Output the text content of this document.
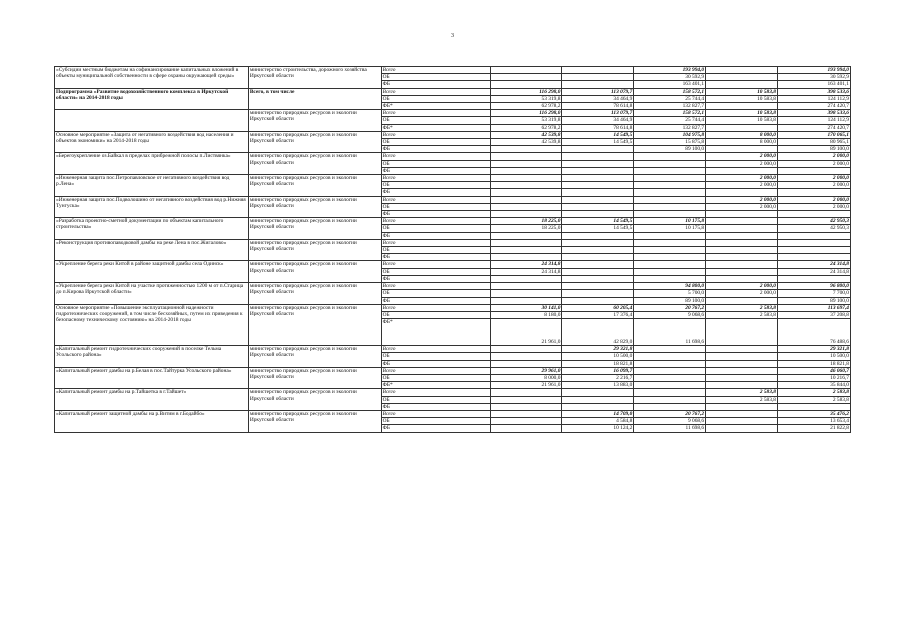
3
«Субсидии местным бюджетам на софинансирование капитальных вложений в объекты муниципальной собственности в сфере охраны окружающей среды»	министерство строительства, дорожного хозяйства Иркутской области	Всего			193 994,0		193 994,0
		ОБ			30 592,9		30 592,9
		ФБ			163 401,1		163 401,1
Подпрограмма «Развитие водохозяйственного комплекса в Иркутской области» на 2014-2018 годы	Всего, в том числе	Всего	116 298,0	113 079,7	158 572,1	10 583,8	398 533,6
		ОБ	53 319,8	34 464,9	25 744,4	10 583,8	124 112,9
		ФБ*	62 978,2	78 614,8	132 827,7		274 420,7
	министерство природных ресурсов и экологии Иркутской области	Всего	116 298,0	113 079,7	158 572,1	10 583,8	398 533,6
		ОБ	53 319,8	34 464,9	25 744,4	10 583,8	124 112,9
		ФБ*	62 978,2	78 614,8	132 827,7		274 420,7
Основное мероприятие «Защита от негативного воздействия вод населения и объектов экономики» на 2014-2018 годы	министерство природных ресурсов и экологии Иркутской области	Всего	42 539,8	14 549,5	104 975,8	8 000,0	170 065,1
		ОБ	42 539,8	14 549,5	15 875,8	8 000,0	80 965,1
		ФБ			89 100,0		89 100,0
«Берегоукрепление оз.Байкал в пределах прибрежной полосы п.Листвянка»	министерство природных ресурсов и экологии Иркутской области	Всего				2 000,0	2 000,0
		ОБ				2 000,0	2 000,0
		ФБ					
«Инженерная защита пос.Петропавловское от негативного воздействия вод р.Лена»	министерство природных ресурсов и экологии Иркутской области	Всего				2 000,0	2 000,0
		ОБ				2 000,0	2 000,0
		ФБ					
«Инженерная защита пос.Подволошино от негативного воздействия вод р.Нижняя Тунгуска»	министерство природных ресурсов и экологии Иркутской области	Всего				2 000,0	2 000,0
		ОБ				2 000,0	2 000,0
		ФБ					
«Разработка проектно-сметной документации по объектам капитального строительства»	министерство природных ресурсов и экологии Иркутской области	Всего	18 225,0	14 549,5	10 175,8		42 950,3
		ОБ	18 225,0	14 549,5	10 175,8		42 950,3
		ФБ					
«Реконструкция противопаводковой дамбы на реке Лена в пос.Жигалово»	министерство природных ресурсов и экологии Иркутской области	Всего					
		ОБ					
		ФБ					
«Укрепление берега реки Китой в районе защитной дамбы села Одинск»	министерство природных ресурсов и экологии Иркутской области	Всего	24 314,8				24 314,8
		ОБ	24 314,8				24 314,8
		ФБ					
«Укрепление берега реки Китой на участке протяженностью 1200 м от п.Старица до п.Кирова Иркутской области»	министерство природных ресурсов и экологии Иркутской области	Всего			94 800,0	2 000,0	96 800,0
		ОБ			5 700,0	2 000,0	7 700,0
		ФБ			89 100,0		89 100,0
Основное мероприятие «Повышение эксплуатационной надежности гидротехнических сооружений, в том числе бесхозяйных, путем их приведения к безопасному техническому состоянию» на 2014-2018 годы	министерство природных ресурсов и экологии Иркутской области	Всего	30 141,0	60 205,4	20 767,2	2 583,8	113 697,4
		ОБ	8 180,0	17 376,4	9 068,6	2 583,8	37 208,8
		ФБ*	21 961,0	42 829,0	11 698,6		76 488,6
«Капитальный ремонт гидротехнических сооружений в поселке Тельма Усольского района»	министерство природных ресурсов и экологии Иркутской области	Всего		29 321,8			29 321,8
		ОБ		10 500,0			10 500,0
		ФБ		18 821,8			18 821,8
«Капитальный ремонт дамбы на р.Белая в пос.Тайтурка Усольского района»	министерство природных ресурсов и экологии Иркутской области	Всего	29 961,0	16 099,7			46 060,7
		ОБ	8 000,0	2 216,7			10 216,7
		ФБ*	21 961,0	13 883,0			35 844,0
«Капитальный ремонт дамбы на р.Тайшетка в г.Тайшет»	министерство природных ресурсов и экологии Иркутской области	Всего				2 583,8	2 583,8
		ОБ				2 583,8	2 583,8
		ФБ					
«Капитальный ремонт защитной дамбы на р.Витим в г.Бодайбо»	министерство природных ресурсов и экологии Иркутской области	Всего		14 709,0	20 767,2		35 476,2
		ОБ		4 584,8	9 068,6		13 653,4
		ФБ		10 124,2	11 698,6		21 822,8
